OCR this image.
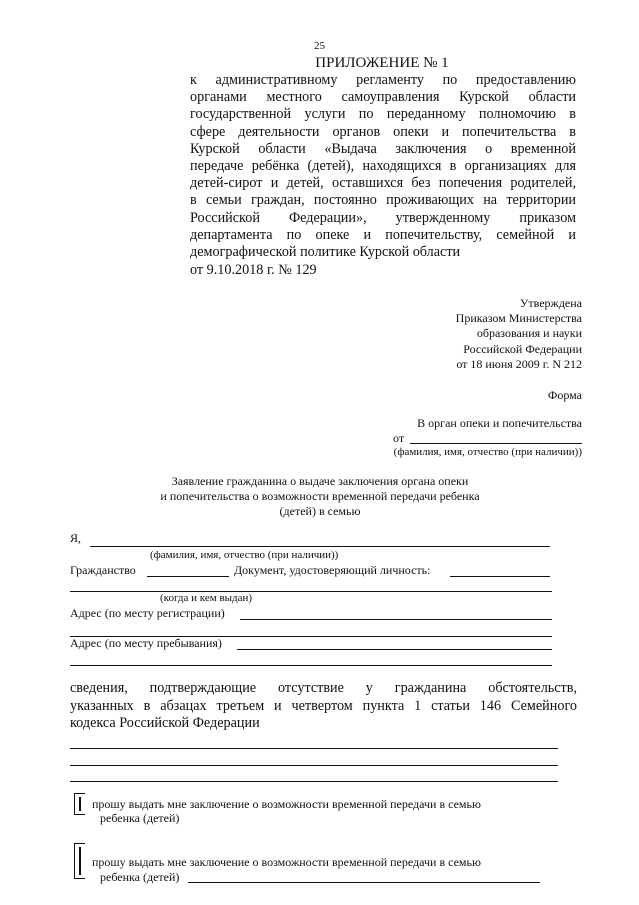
25
ПРИЛОЖЕНИЕ № 1
к административному регламенту по предоставлению
органами местного самоуправления Курской области
государственной услуги по переданному полномочию в
сфере деятельности органов опеки и попечительства в
Курской области «Выдача заключения о временной
передаче ребёнка (детей), находящихся в организациях для
детей-сирот и детей, оставшихся без попечения родителей,
в семьи граждан, постоянно проживающих на территории
Российской Федерации», утвержденному приказом
департамента по опеке и попечительству, семейной и
демографической политике Курской области
от 9.10.2018 г. № 129
Утверждена
Приказом Министерства
образования и науки
Российской Федерации
от 18 июня 2009 г. N 212
Форма
В орган опеки и попечительства
от
(фамилия, имя, отчество (при наличии))
Заявление гражданина о выдаче заключения органа опеки
и попечительства о возможности временной передачи ребенка
(детей) в семью
Я,
(фамилия, имя, отчество (при наличии))
Гражданство	Документ, удостоверяющий личность:
(когда и кем выдан)
Адрес (по месту регистрации)
Адрес (по месту пребывания)
сведения, подтверждающие отсутствие у гражданина обстоятельств,
указанных в абзацах третьем и четвертом пункта 1 статьи 146 Семейного
кодекса Российской Федерации
прошу выдать мне заключение о возможности временной передачи в семью
ребенка (детей)
прошу выдать мне заключение о возможности временной передачи в семью
ребенка (детей)
